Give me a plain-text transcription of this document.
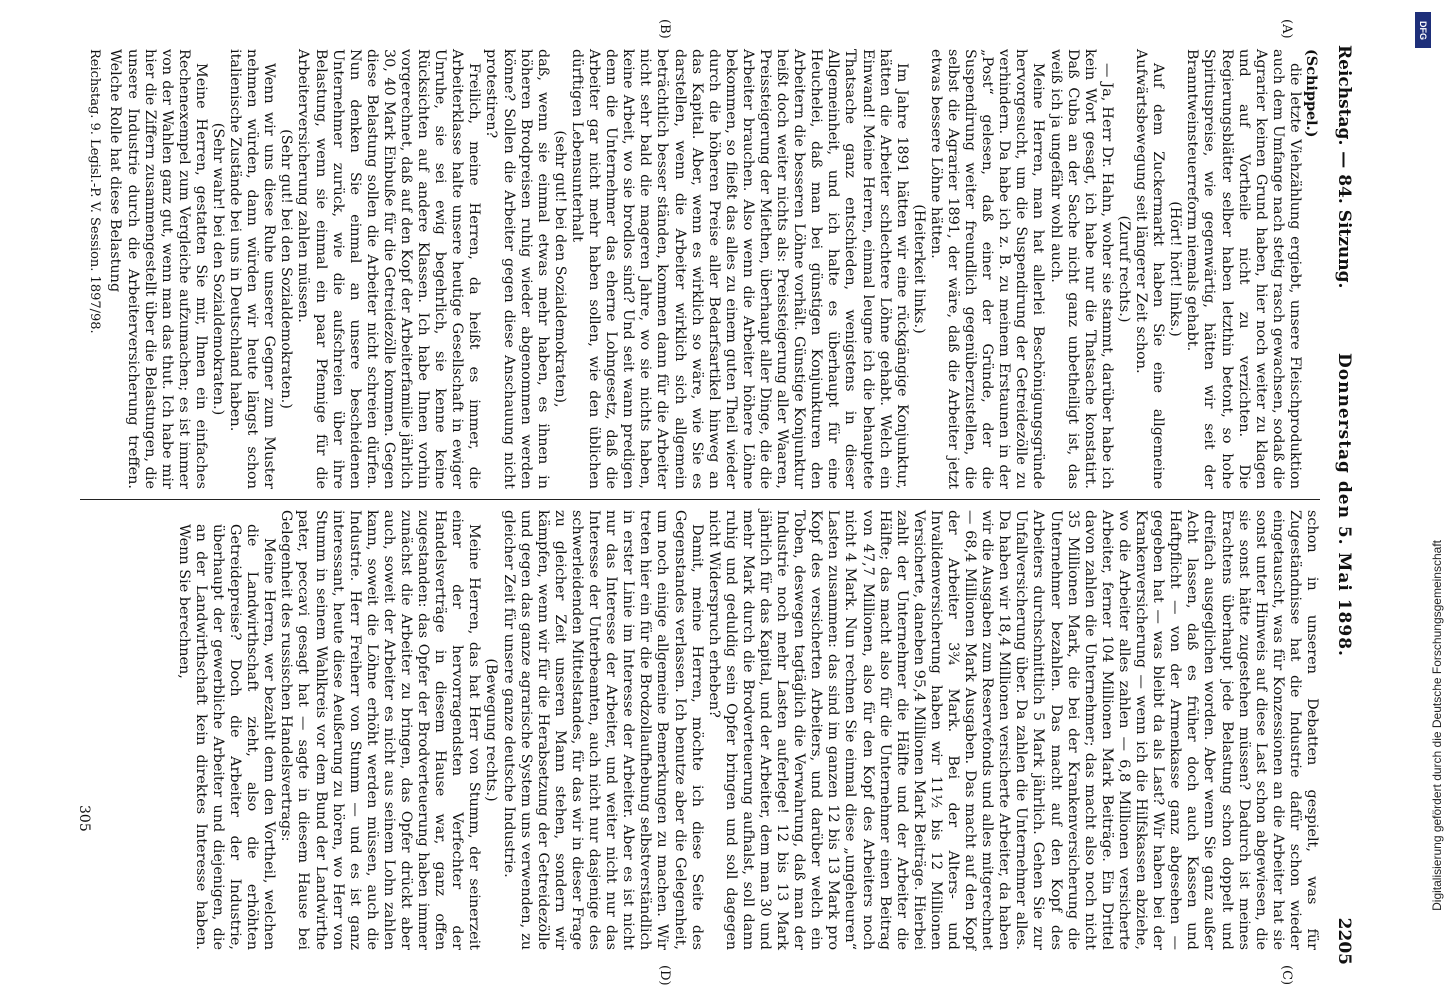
Reichstag. — 84. Sitzung.
Donnerstag den 5. Mai 1898.
2205
(A)
(B)
(C)
(D)

(Schippel.)

die letzte Viehzählung ergiebt, unsere Fleischproduktion auch dem Umfange nach stetig rasch gewachsen, sodaß die Agrarier keinen Grund haben, hier noch weiter zu klagen und auf Vortheile nicht zu verzichten. Die Regierungsblätter selber haben letzthin betont, so hohe Spirituspreise, wie gegenwärtig, hätten wir seit der Branntweinsteuerreform niemals gehabt.

(Hört! hört! links.)

Auf dem Zuckermarkt haben Sie eine allgemeine Aufwärtsbewegung seit längerer Zeit schon.

(Zuruf rechts.)

— Ja, Herr Dr. Hahn, woher sie stammt, darüber habe ich kein Wort gesagt, ich habe nur die Thatsache konstatirt. Daß Cuba an der Sache nicht ganz unbetheiligt ist, das weiß ich ja ungefähr wohl auch.

Meine Herren, man hat allerlei Beschönigungsgründe hervorgesucht, um die Suspendirung der Getreidezölle zu verhindern. Da habe ich z. B. zu meinem Erstaunen in der „Post“ gelesen, daß einer der Gründe, der die Suspendirung weiter freundlich gegenüberzustellen, die selbst die Agrarier 1891, der wäre, daß die Arbeiter jetzt etwas bessere Löhne hätten.

(Heiterkeit links.)

Im Jahre 1891 hätten wir eine rückgängige Konjunktur, hätten die Arbeiter schlechtere Löhne gehabt. Welch ein Einwand! Meine Herren, einmal leugne ich die behauptete Thatsache ganz entschieden, wenigstens in dieser Allgemeinheit, und ich halte es überhaupt für eine Heuchelei, daß man bei günstigen Konjunkturen den Arbeitern die besseren Löhne vorhält. Günstige Konjunktur heißt doch weiter nichts als: Preissteigerung aller Waaren, Preissteigerung der Miethen, überhaupt aller Dinge, die die Arbeiter brauchen. Also wenn die Arbeiter höhere Löhne bekommen, so fließt das alles zu einem guten Theil wieder durch die höheren Preise aller Bedarfsartikel hinweg an das Kapital. Aber, wenn es wirklich so wäre, wie Sie es darstellen, wenn die Arbeiter wirklich sich allgemein beträchtlich besser ständen, kommen dann für die Arbeiter nicht sehr bald die mageren Jahre, wo sie nichts haben, keine Arbeit, wo sie brodlos sind? Und seit wann predigen denn die Unternehmer das eherne Lohngesetz, daß die Arbeiter gar nicht mehr haben sollen, wie den üblichen dürftigen Lebensunterhalt

(sehr gut! bei den Sozialdemokraten),

daß, wenn sie einmal etwas mehr haben, es ihnen in höheren Brodpreisen ruhig wieder abgenommen werden könne? Sollen die Arbeiter gegen diese Anschauung nicht protestiren?

Freilich, meine Herren, da heißt es immer, die Arbeiterklasse halte unsere heutige Gesellschaft in ewiger Unruhe, sie sei ewig begehrlich, sie kenne keine Rücksichten auf andere Klassen. Ich habe Ihnen vorhin vorgerechnet, daß auf den Kopf der Arbeiterfamilie jährlich 30, 40 Mark Einbuße für die Getreidezölle kommen. Gegen diese Belastung sollen die Arbeiter nicht schreien dürfen. Nun denken Sie einmal an unsere bescheidenen Unternehmer zurück, wie die aufschreien über ihre Belastung, wenn sie einmal ein paar Pfennige für die Arbeiterversicherung zahlen müssen.

(Sehr gut! bei den Sozialdemokraten.)

Wenn wir uns diese Ruhe unserer Gegner zum Muster nehmen würden, dann würden wir heute längst schon italienische Zustände bei uns in Deutschland haben.

(Sehr wahr! bei den Sozialdemokraten.)

Meine Herren, gestatten Sie mir, Ihnen ein einfaches Rechenexempel zum Vergleiche aufzumachen; es ist immer von der Wahlen ganz gut, wenn man das thut. Ich habe mir hier die Ziffern zusammengestellt über die Belastungen, die unsere Industrie durch die Arbeiterversicherung treffen. Welche Rolle hat diese Belastung

schon in unseren Debatten gespielt, was für Zugeständnisse hat die Industrie dafür schon wieder eingetauscht, was für Konzessionen an die Arbeiter hat sie sonst unter Hinweis auf diese Last schon abgewiesen, die sie sonst hätte zugestehen müssen? Dadurch ist meines Erachtens überhaupt jede Belastung schon doppelt und dreifach ausgeglichen worden. Aber wenn Sie ganz außer Acht lassen, daß es früher doch auch Kassen und Haftpflicht — von der Armenkasse ganz abgesehen — gegeben hat — was bleibt da als Last? Wir haben bei der Krankenversicherung — wenn ich die Hilfskassen abziehe, wo die Arbeiter alles zahlen — 6,8 Millionen versicherte Arbeiter, ferner 104 Millionen Mark Beiträge. Ein Drittel davon zahlen die Unternehmer; das macht also noch nicht 35 Millionen Mark, die bei der Krankenversicherung die Unternehmer bezahlen. Das macht auf den Kopf des Arbeiters durchschnittlich 5 Mark jährlich. Gehen Sie zur Unfallversicherung über. Da zahlen die Unternehmer alles. Da haben wir 18,4 Millionen versicherte Arbeiter, da haben wir die Ausgaben zum Reservefonds und alles mitgerechnet — 68,4 Millionen Mark Ausgaben. Das macht auf den Kopf der Arbeiter 3¾ Mark. Bei der Alters- und Invalidenversicherung haben wir 11½ bis 12 Millionen Versicherte, daneben 95,4 Millionen Mark Beiträge. Hierbei zahlt der Unternehmer die Hälfte und der Arbeiter die Hälfte; das macht also für die Unternehmer einen Beitrag von 47,7 Millionen, also für den Kopf des Arbeiters noch nicht 4 Mark. Nun rechnen Sie einmal diese „ungeheuren“ Lasten zusammen: das sind im ganzen 12 bis 13 Mark pro Kopf des versicherten Arbeiters, und darüber welch ein Toben, deswegen tagtäglich die Verwahrung, daß man der Industrie noch mehr Lasten auferlege! 12 bis 13 Mark jährlich für das Kapital, und der Arbeiter, dem man 30 und mehr Mark durch die Brodverteuerung aufhalst, soll dann ruhig und geduldig sein Opfer bringen und soll dagegen nicht Widerspruch erheben?

Damit, meine Herren, möchte ich diese Seite des Gegenstandes verlassen. Ich benutze aber die Gelegenheit, um noch einige allgemeine Bemerkungen zu machen. Wir treten hier ein für die Brodzollaufhebung selbstverständlich in erster Linie im Interesse der Arbeiter. Aber es ist nicht nur das Interesse der Arbeiter, und weiter nicht nur das Interesse der Unterbeamten, auch nicht nur dasjenige des schwerleidenden Mittelstandes, für das wir in dieser Frage zu gleicher Zeit unseren Mann stehen, sondern wir kämpfen, wenn wir für die Herabsetzung der Getreidezölle und gegen das ganze agrarische System uns verwenden, zu gleicher Zeit für unsere ganze deutsche Industrie.

(Bewegung rechts.)

Meine Herren, das hat Herr von Stumm, der seinerzeit einer der hervorragendsten Verfechter der Handelsverträge in diesem Hause war, ganz offen zugestanden: das Opfer der Brodverteuerung haben immer zunächst die Arbeiter zu bringen, das Opfer drückt aber auch, soweit der Arbeiter es nicht aus seinem Lohn zahlen kann, soweit die Löhne erhöht werden müssen, auch die Industrie. Herr Freiherr von Stumm — und es ist ganz interessant, heute diese Aeußerung zu hören, wo Herr von Stumm in seinem Wahlkreis vor dem Bund der Landwirthe pater, peccavi gesagt hat — sagte in diesem Hause bei Gelegenheit des russischen Handelsvertrags:

Meine Herren, wer bezahlt denn den Vortheil, welchen die Landwirthschaft zieht, also die erhöhten Getreidepreise? Doch die Arbeiter der Industrie, überhaupt der gewerbliche Arbeiter und diejenigen, die an der Landwirthschaft kein direktes Interesse haben. Wenn Sie berechnen,

Reichstag. 9. Legisl.-P. V. Session. 1897/98.
305
DFG
Digitalisierung gefördert durch die Deutsche Forschungsgemeinschaft
